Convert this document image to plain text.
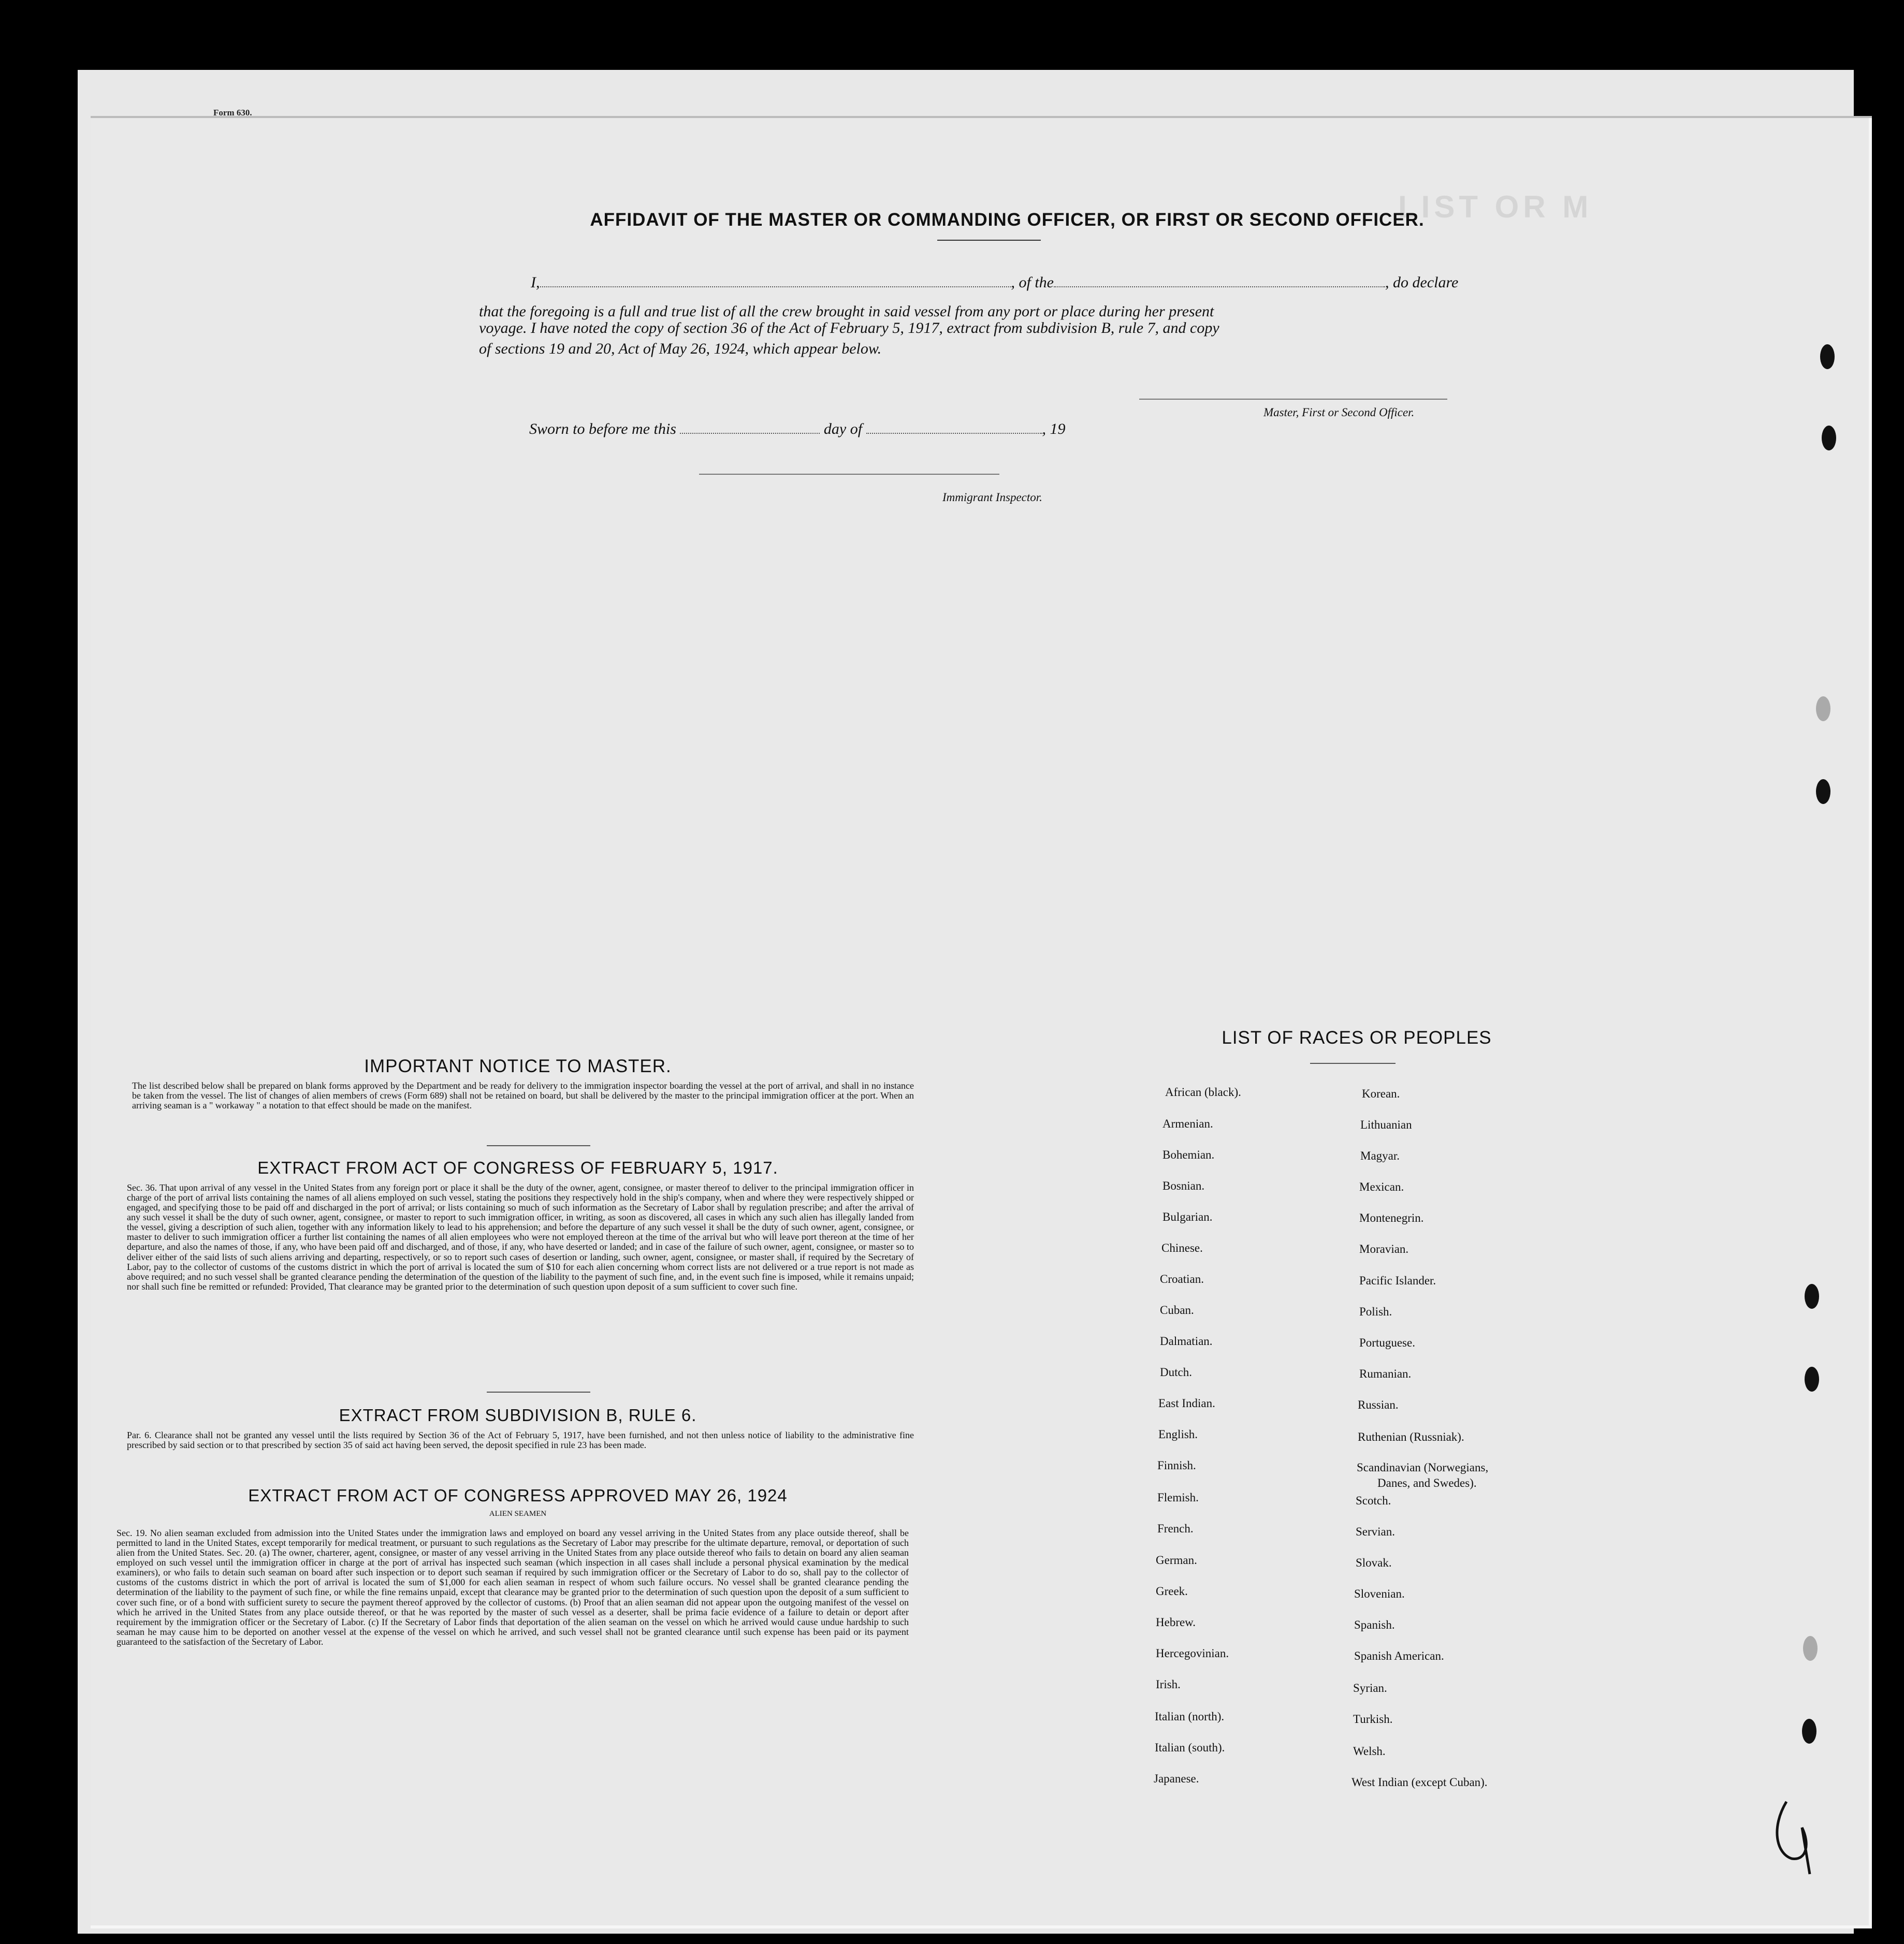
LIST OR M
Form 630.
AFFIDAVIT OF THE MASTER OR COMMANDING OFFICER, OR FIRST OR SECOND OFFICER.
I,	, of the	, do declare
that the foregoing is a full and true list of all the crew brought in said vessel from any port or place during her present
voyage. I have noted the copy of section 36 of the Act of February 5, 1917, extract from subdivision B, rule 7, and copy
of sections 19 and 20, Act of May 26, 1924, which appear below.
Master, First or Second Officer.
Sworn to before me this	day of	, 19
Immigrant Inspector.
IMPORTANT NOTICE TO MASTER.
The list described below shall be prepared on blank forms approved by the Department and be ready for delivery to the immigration inspector boarding the vessel at the port of arrival, and shall in no instance be taken from the vessel. The list of changes of alien members of crews (Form 689) shall not be retained on board, but shall be delivered by the master to the principal immigration officer at the port. When an arriving seaman is a " workaway " a notation to that effect should be made on the manifest.
EXTRACT FROM ACT OF CONGRESS OF FEBRUARY 5, 1917.
Sec. 36. That upon arrival of any vessel in the United States from any foreign port or place it shall be the duty of the owner, agent, consignee, or master thereof to deliver to the principal immigration officer in charge of the port of arrival lists containing the names of all aliens employed on such vessel, stating the positions they respectively hold in the ship's company, when and where they were respectively shipped or engaged, and specifying those to be paid off and discharged in the port of arrival; or lists containing so much of such information as the Secretary of Labor shall by regulation prescribe; and after the arrival of any such vessel it shall be the duty of such owner, agent, consignee, or master to report to such immigration officer, in writing, as soon as discovered, all cases in which any such alien has illegally landed from the vessel, giving a description of such alien, together with any information likely to lead to his apprehension; and before the departure of any such vessel it shall be the duty of such owner, agent, consignee, or master to deliver to such immigration officer a further list containing the names of all alien employees who were not employed thereon at the time of the arrival but who will leave port thereon at the time of her departure, and also the names of those, if any, who have been paid off and discharged, and of those, if any, who have deserted or landed; and in case of the failure of such owner, agent, consignee, or master so to deliver either of the said lists of such aliens arriving and departing, respectively, or so to report such cases of desertion or landing, such owner, agent, consignee, or master shall, if required by the Secretary of Labor, pay to the collector of customs of the customs district in which the port of arrival is located the sum of $10 for each alien concerning whom correct lists are not delivered or a true report is not made as above required; and no such vessel shall be granted clearance pending the determination of the question of the liability to the payment of such fine, and, in the event such fine is imposed, while it remains unpaid; nor shall such fine be remitted or refunded: Provided, That clearance may be granted prior to the determination of such question upon deposit of a sum sufficient to cover such fine.
EXTRACT FROM SUBDIVISION B, RULE 6.
Par. 6. Clearance shall not be granted any vessel until the lists required by Section 36 of the Act of February 5, 1917, have been furnished, and not then unless notice of liability to the administrative fine prescribed by said section or to that prescribed by section 35 of said act having been served, the deposit specified in rule 23 has been made.
EXTRACT FROM ACT OF CONGRESS APPROVED MAY 26, 1924
ALIEN SEAMEN
Sec. 19. No alien seaman excluded from admission into the United States under the immigration laws and employed on board any vessel arriving in the United States from any place outside thereof, shall be permitted to land in the United States, except temporarily for medical treatment, or pursuant to such regulations as the Secretary of Labor may prescribe for the ultimate departure, removal, or deportation of such alien from the United States. Sec. 20. (a) The owner, charterer, agent, consignee, or master of any vessel arriving in the United States from any place outside thereof who fails to detain on board any alien seaman employed on such vessel until the immigration officer in charge at the port of arrival has inspected such seaman (which inspection in all cases shall include a personal physical examination by the medical examiners), or who fails to detain such seaman on board after such inspection or to deport such seaman if required by such immigration officer or the Secretary of Labor to do so, shall pay to the collector of customs of the customs district in which the port of arrival is located the sum of $1,000 for each alien seaman in respect of whom such failure occurs. No vessel shall be granted clearance pending the determination of the liability to the payment of such fine, or while the fine remains unpaid, except that clearance may be granted prior to the determination of such question upon the deposit of a sum sufficient to cover such fine, or of a bond with sufficient surety to secure the payment thereof approved by the collector of customs. (b) Proof that an alien seaman did not appear upon the outgoing manifest of the vessel on which he arrived in the United States from any place outside thereof, or that he was reported by the master of such vessel as a deserter, shall be prima facie evidence of a failure to detain or deport after requirement by the immigration officer or the Secretary of Labor. (c) If the Secretary of Labor finds that deportation of the alien seaman on the vessel on which he arrived would cause undue hardship to such seaman he may cause him to be deported on another vessel at the expense of the vessel on which he arrived, and such vessel shall not be granted clearance until such expense has been paid or its payment guaranteed to the satisfaction of the Secretary of Labor.
LIST OF RACES OR PEOPLES
African (black).
Armenian.
Bohemian.
Bosnian.
Bulgarian.
Chinese.
Croatian.
Cuban.
Dalmatian.
Dutch.
East Indian.
English.
Finnish.
Flemish.
French.
German.
Greek.
Hebrew.
Hercegovinian.
Irish.
Italian (north).
Italian (south).
Japanese.
Korean.
Lithuanian
Magyar.
Mexican.
Montenegrin.
Moravian.
Pacific Islander.
Polish.
Portuguese.
Rumanian.
Russian.
Ruthenian (Russniak).
Scandinavian (Norwegians,
Danes, and Swedes).
Scotch.
Servian.
Slovak.
Slovenian.
Spanish.
Spanish American.
Syrian.
Turkish.
Welsh.
West Indian (except Cuban).
